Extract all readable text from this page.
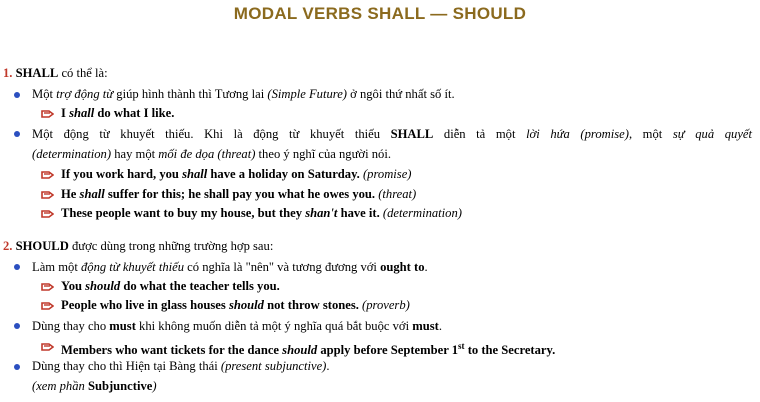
MODAL VERBS SHALL — SHOULD
1. SHALL có thể là:
Một trợ động từ giúp hình thành thì Tương lai (Simple Future) ở ngôi thứ nhất số ít.
I shall do what I like.
Một động từ khuyết thiếu. Khi là động từ khuyết thiếu SHALL diễn tả một lời hứa (promise), một sự quả quyết
(determination) hay một mối đe dọa (threat) theo ý nghĩ của người nói.
If you work hard, you shall have a holiday on Saturday. (promise)
He shall suffer for this; he shall pay you what he owes you. (threat)
These people want to buy my house, but they shan't have it. (determination)
2. SHOULD được dùng trong những trường hợp sau:
Làm một động từ khuyết thiếu có nghĩa là "nên" và tương đương với ought to.
You should do what the teacher tells you.
People who live in glass houses should not throw stones. (proverb)
Dùng thay cho must khi không muốn diễn tả một ý nghĩa quá bắt buộc với must.
Members who want tickets for the dance should apply before September 1st to the Secretary.
Dùng thay cho thì Hiện tại Bàng thái (present subjunctive).
(xem phần Subjunctive)
